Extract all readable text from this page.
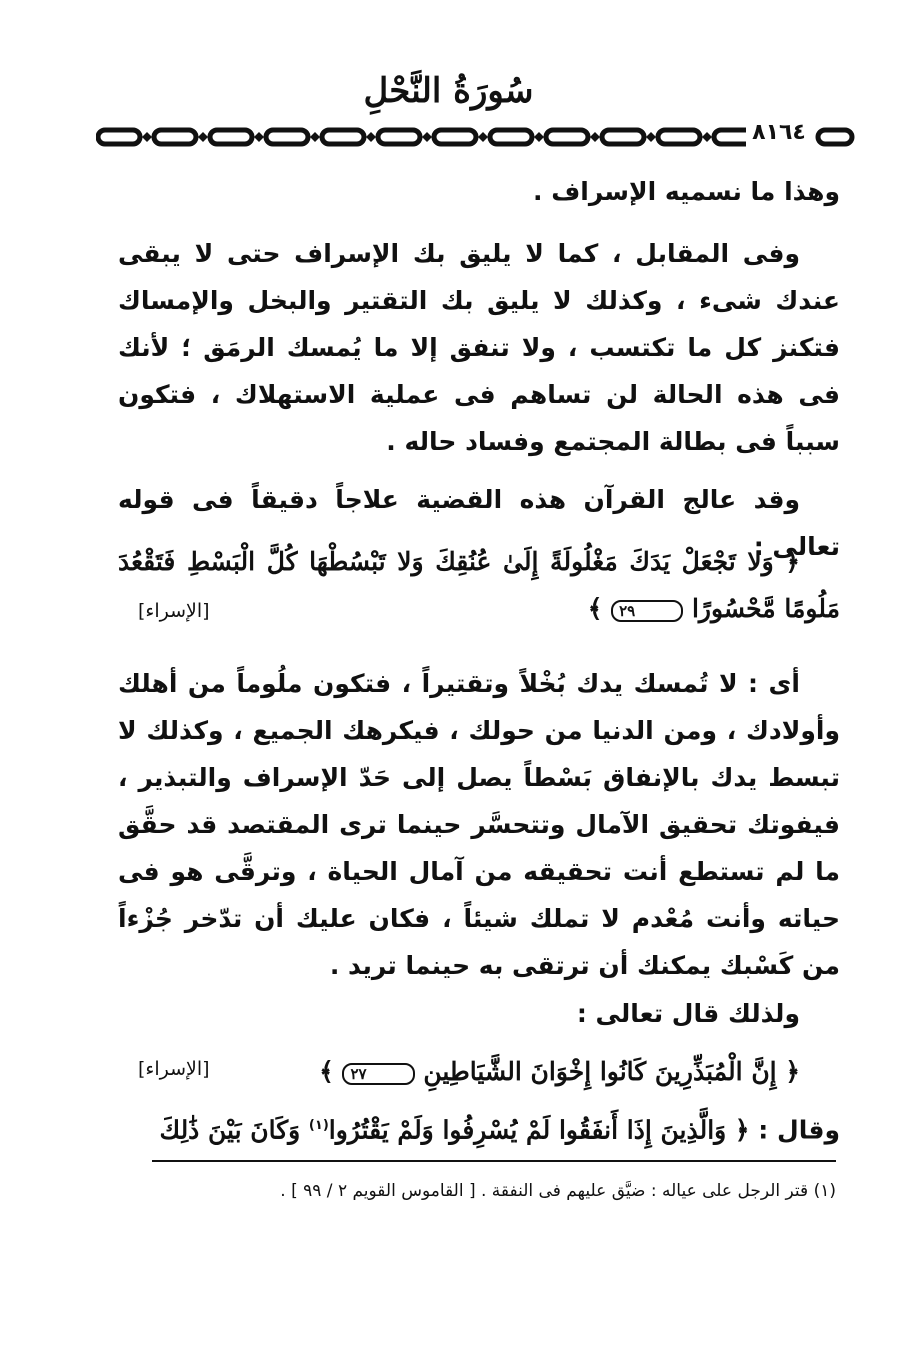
سُورَةُ النَّحْلِ
٨١٦٤

وهذا ما نسميه الإسراف .

وفى المقابل ، كما لا يليق بك الإسراف حتى لا يبقى عندك شىء ، وكذلك لا يليق بك التقتير والبخل والإمساك فتكنز كل ما تكتسب ، ولا تنفق إلا ما يُمسك الرمَق ؛ لأنك فى هذه الحالة لن تساهم فى عملية الاستهلاك ، فتكون سبباً فى بطالة المجتمع وفساد حاله .

وقد عالج القرآن هذه القضية علاجاً دقيقاً فى قوله تعالى :

﴿ وَلا تَجْعَلْ يَدَكَ مَغْلُولَةً إِلَىٰ عُنُقِكَ وَلا تَبْسُطْهَا كُلَّ الْبَسْطِ فَتَقْعُدَ مَلُومًا مَّحْسُورًا ٢٩ ﴾

[الإسراء]

أى : لا تُمسك يدك بُخْلاً وتقتيراً ، فتكون ملُوماً من أهلك وأولادك ، ومن الدنيا من حولك ، فيكرهك الجميع ، وكذلك لا تبسط يدك بالإنفاق بَسْطاً يصل إلى حَدّ الإسراف والتبذير ، فيفوتك تحقيق الآمال وتتحسَّر حينما ترى المقتصد قد حقَّق ما لم تستطع أنت تحقيقه من آمال الحياة ، وترقَّى هو فى حياته وأنت مُعْدم لا تملك شيئاً ، فكان عليك أن تدّخر جُزْءاً من كَسْبك يمكنك أن ترتقى به حينما تريد .

ولذلك قال تعالى :

﴿ إِنَّ الْمُبَذِّرِينَ كَانُوا إِخْوَانَ الشَّيَاطِينِ ٢٧ ﴾

[الإسراء]

وقال : ﴿ وَالَّذِينَ إِذَا أَنفَقُوا لَمْ يُسْرِفُوا وَلَمْ يَقْتُرُوا$^{(١)}$ وَكَانَ بَيْنَ ذَٰلِكَ

(١) قتر الرجل على عياله : ضيَّق عليهم فى النفقة . [ القاموس القويم ٢ / ٩٩ ] .
